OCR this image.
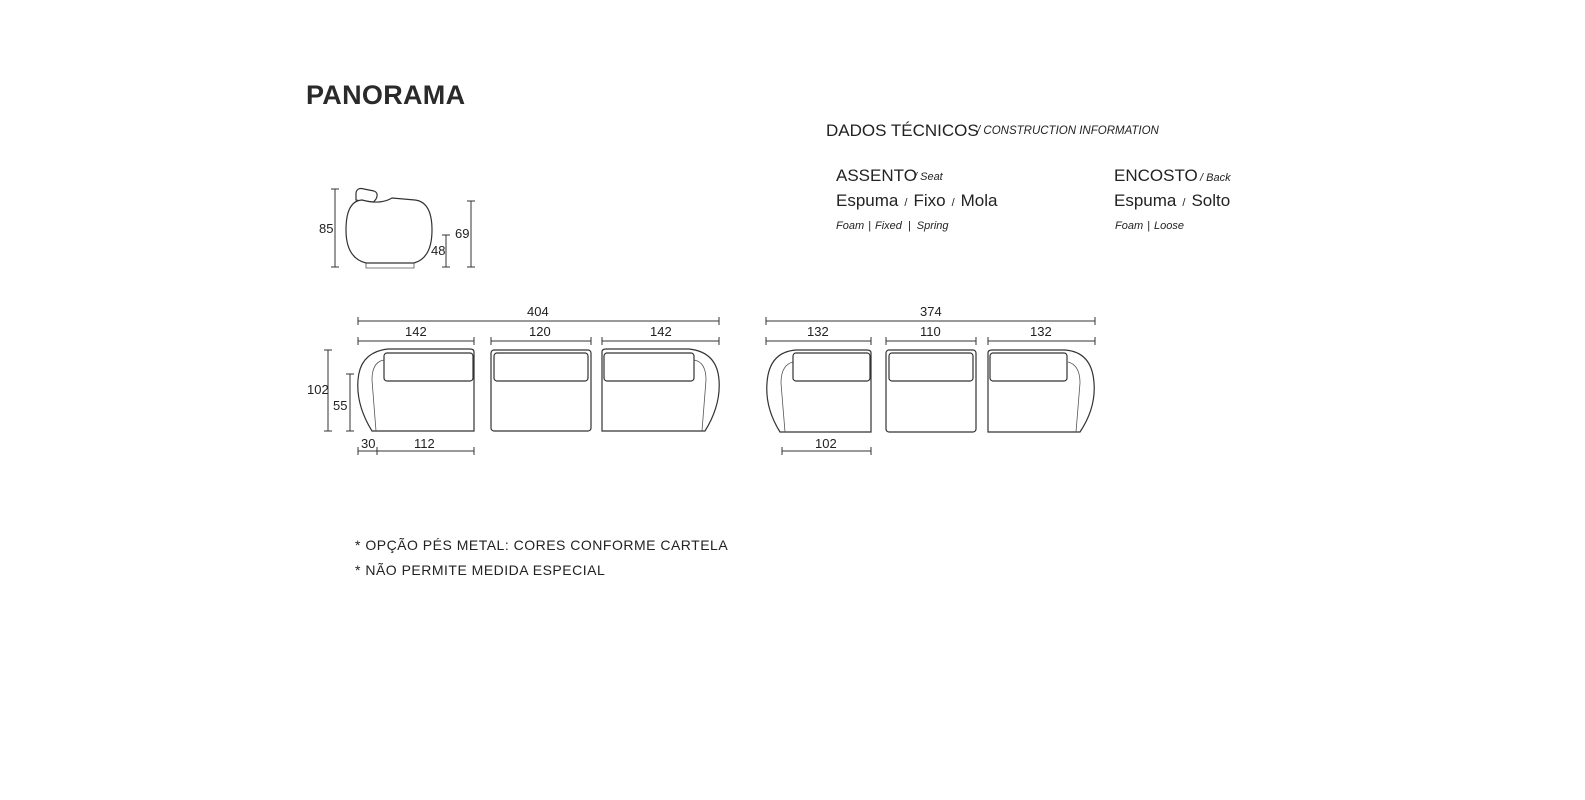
PANORAMA
DADOS TÉCNICOS
/ CONSTRUCTION INFORMATION
ASSENTO
/ Seat
Espuma / Fixo / Mola
Foam | Fixed | Spring
ENCOSTO / Back
Espuma / Solto
Foam | Loose
85
48
69
404
142	120	142
102
55
30	112
374
132	110	132
102
* OPÇÃO PÉS METAL: CORES CONFORME CARTELA
* NÃO PERMITE MEDIDA ESPECIAL
